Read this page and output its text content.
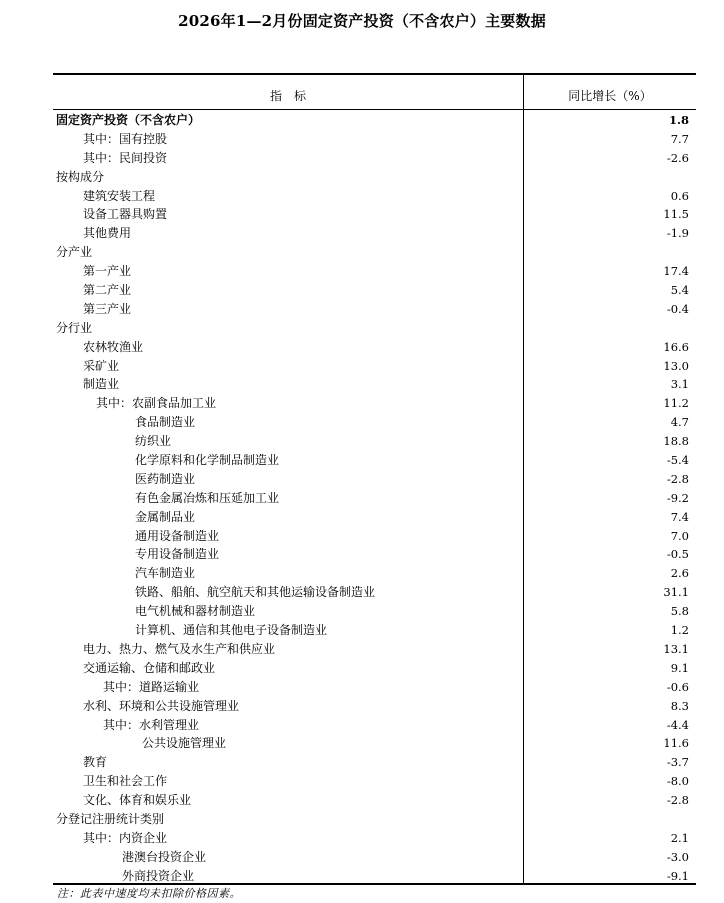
2026年1—2月份固定资产投资（不含农户）主要数据
指　标	同比增长（%）
固定资产投资（不含农户）	1.8
其中：国有控股	7.7
其中：民间投资	-2.6
按构成分
建筑安装工程	0.6
设备工器具购置	11.5
其他费用	-1.9
分产业
第一产业	17.4
第二产业	5.4
第三产业	-0.4
分行业
农林牧渔业	16.6
采矿业	13.0
制造业	3.1
其中：农副食品加工业	11.2
食品制造业	4.7
纺织业	18.8
化学原料和化学制品制造业	-5.4
医药制造业	-2.8
有色金属冶炼和压延加工业	-9.2
金属制品业	7.4
通用设备制造业	7.0
专用设备制造业	-0.5
汽车制造业	2.6
铁路、船舶、航空航天和其他运输设备制造业	31.1
电气机械和器材制造业	5.8
计算机、通信和其他电子设备制造业	1.2
电力、热力、燃气及水生产和供应业	13.1
交通运输、仓储和邮政业	9.1
其中：道路运输业	-0.6
水利、环境和公共设施管理业	8.3
其中：水利管理业	-4.4
公共设施管理业	11.6
教育	-3.7
卫生和社会工作	-8.0
文化、体育和娱乐业	-2.8
分登记注册统计类别
其中：内资企业	2.1
港澳台投资企业	-3.0
外商投资企业	-9.1
注：此表中速度均未扣除价格因素。
